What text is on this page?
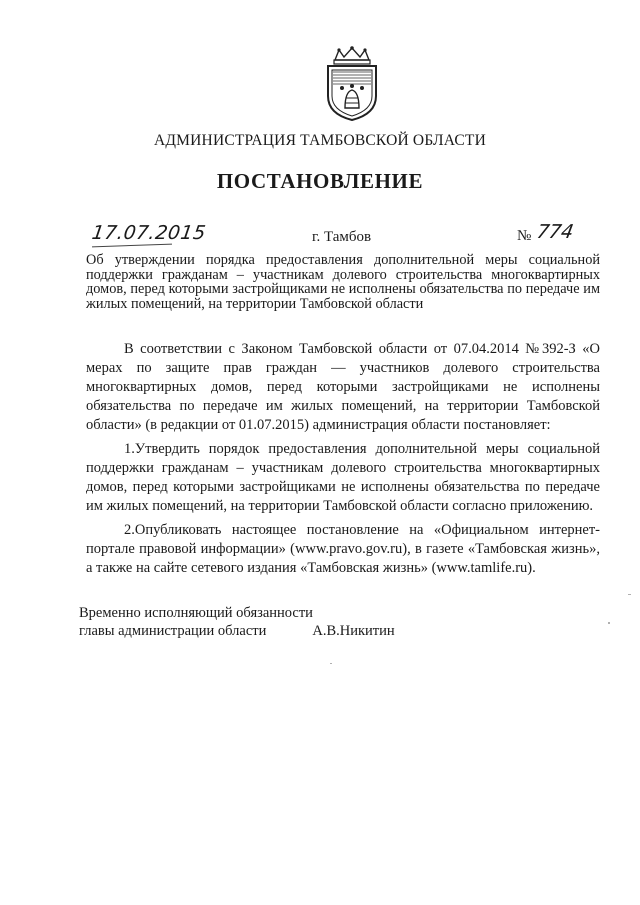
АДМИНИСТРАЦИЯ ТАМБОВСКОЙ ОБЛАСТИ
ПОСТАНОВЛЕНИЕ
17.07.2015	г. Тамбов	№ 774
Об утверждении порядка предоставления дополнительной меры социальной поддержки гражданам – участникам долевого строительства многоквартирных домов, перед которыми застройщиками не исполнены обязательства по передаче им жилых помещений, на территории Тамбовской области

В соответствии с Законом Тамбовской области от 07.04.2014 №392-З «О мерах по защите прав граждан — участников долевого строительства многоквартирных домов, перед которыми застройщиками не исполнены обязательства по передаче им жилых помещений, на территории Тамбовской области» (в редакции от 01.07.2015) администрация области постановляет:

1.Утвердить порядок предоставления дополнительной меры социальной поддержки гражданам – участникам долевого строительства многоквартирных домов, перед которыми застройщиками не исполнены обязательства по передаче им жилых помещений, на территории Тамбовской области согласно приложению.

2.Опубликовать настоящее постановление на «Официальном интернет-портале правовой информации» (www.pravo.gov.ru), в газете «Тамбовская жизнь», а также на сайте сетевого издания «Тамбовская жизнь» (www.tamlife.ru).

Временно исполняющий обязанности
главы администрации области	А.В.Никитин
